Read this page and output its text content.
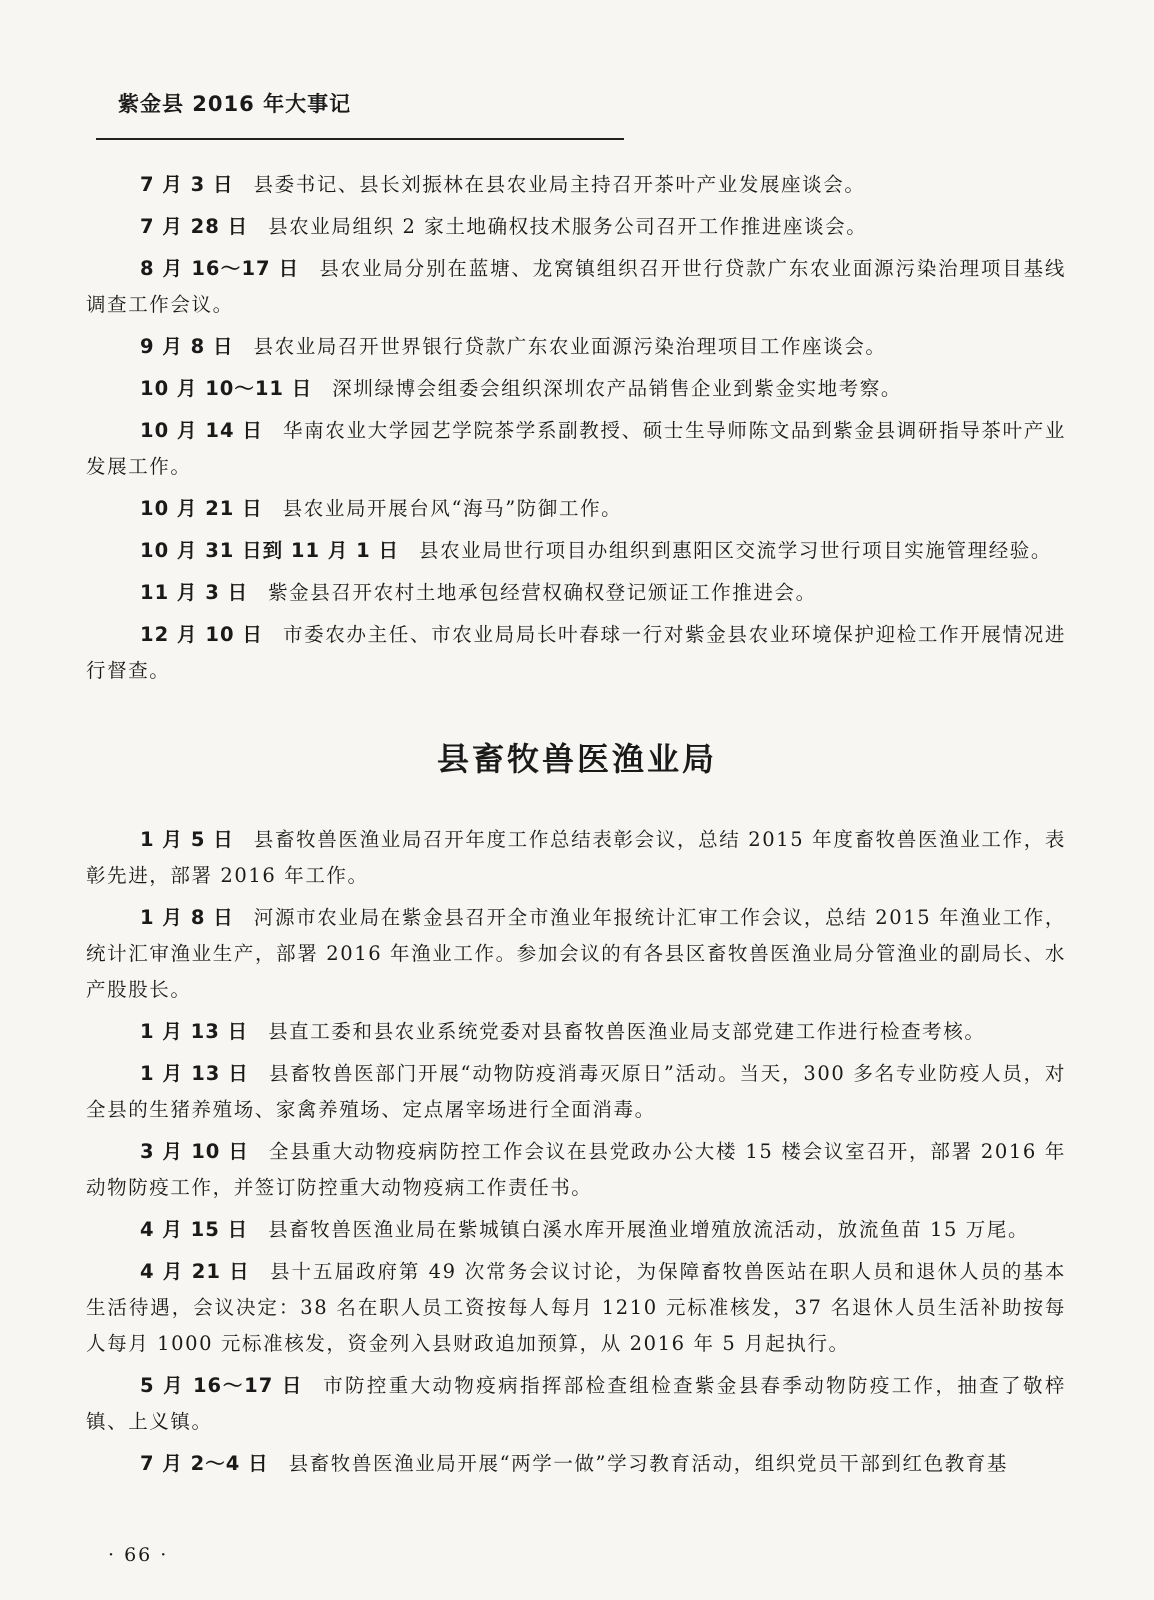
紫金县 2016 年大事记

7 月 3 日 县委书记、县长刘振林在县农业局主持召开茶叶产业发展座谈会。

7 月 28 日 县农业局组织 2 家土地确权技术服务公司召开工作推进座谈会。

8 月 16～17 日 县农业局分别在蓝塘、龙窝镇组织召开世行贷款广东农业面源污染治理项目基线调查工作会议。

9 月 8 日 县农业局召开世界银行贷款广东农业面源污染治理项目工作座谈会。

10 月 10～11 日 深圳绿博会组委会组织深圳农产品销售企业到紫金实地考察。

10 月 14 日 华南农业大学园艺学院茶学系副教授、硕士生导师陈文品到紫金县调研指导茶叶产业发展工作。

10 月 21 日 县农业局开展台风“海马”防御工作。

10 月 31 日到 11 月 1 日 县农业局世行项目办组织到惠阳区交流学习世行项目实施管理经验。

11 月 3 日 紫金县召开农村土地承包经营权确权登记颁证工作推进会。

12 月 10 日 市委农办主任、市农业局局长叶春球一行对紫金县农业环境保护迎检工作开展情况进行督查。

县畜牧兽医渔业局

1 月 5 日 县畜牧兽医渔业局召开年度工作总结表彰会议，总结 2015 年度畜牧兽医渔业工作，表彰先进，部署 2016 年工作。

1 月 8 日 河源市农业局在紫金县召开全市渔业年报统计汇审工作会议，总结 2015 年渔业工作，统计汇审渔业生产，部署 2016 年渔业工作。参加会议的有各县区畜牧兽医渔业局分管渔业的副局长、水产股股长。

1 月 13 日 县直工委和县农业系统党委对县畜牧兽医渔业局支部党建工作进行检查考核。

1 月 13 日 县畜牧兽医部门开展“动物防疫消毒灭原日”活动。当天，300 多名专业防疫人员，对全县的生猪养殖场、家禽养殖场、定点屠宰场进行全面消毒。

3 月 10 日 全县重大动物疫病防控工作会议在县党政办公大楼 15 楼会议室召开，部署 2016 年动物防疫工作，并签订防控重大动物疫病工作责任书。

4 月 15 日 县畜牧兽医渔业局在紫城镇白溪水库开展渔业增殖放流活动，放流鱼苗 15 万尾。

4 月 21 日 县十五届政府第 49 次常务会议讨论，为保障畜牧兽医站在职人员和退休人员的基本生活待遇，会议决定：38 名在职人员工资按每人每月 1210 元标准核发，37 名退休人员生活补助按每人每月 1000 元标准核发，资金列入县财政追加预算，从 2016 年 5 月起执行。

5 月 16～17 日 市防控重大动物疫病指挥部检查组检查紫金县春季动物防疫工作，抽查了敬梓镇、上义镇。

7 月 2～4 日 县畜牧兽医渔业局开展“两学一做”学习教育活动，组织党员干部到红色教育基

· 66 ·
